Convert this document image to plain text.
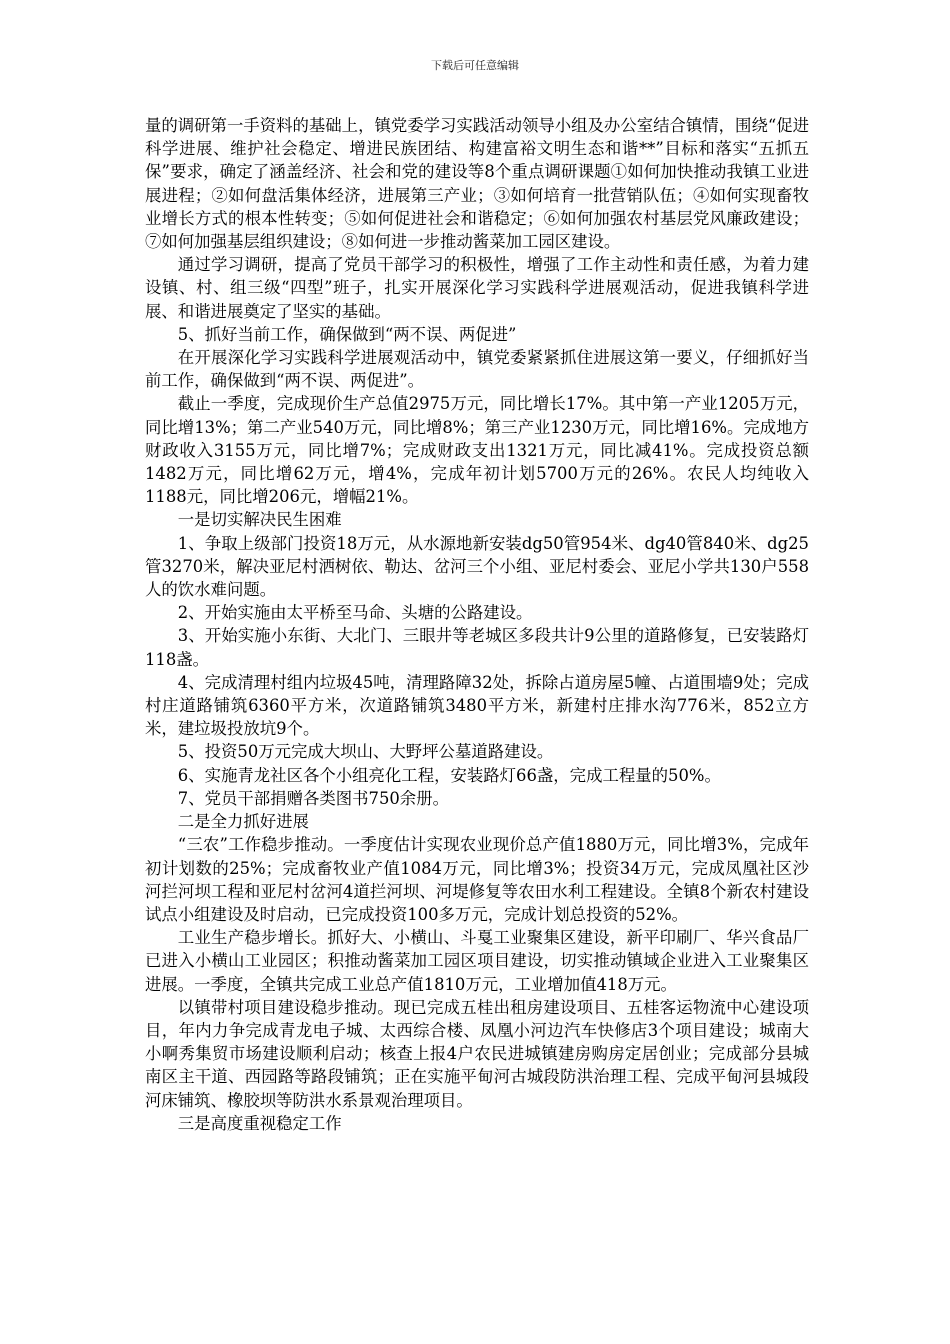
下载后可任意编辑

量的调研第一手资料的基础上，镇党委学习实践活动领导小组及办公室结合镇情，围绕“促进科学进展、维护社会稳定、增进民族团结、构建富裕文明生态和谐**”目标和落实“五抓五保”要求，确定了涵盖经济、社会和党的建设等8个重点调研课题①如何加快推动我镇工业进展进程；②如何盘活集体经济，进展第三产业；③如何培育一批营销队伍；④如何实现畜牧业增长方式的根本性转变；⑤如何促进社会和谐稳定；⑥如何加强农村基层党风廉政建设；⑦如何加强基层组织建设；⑧如何进一步推动酱菜加工园区建设。

通过学习调研，提高了党员干部学习的积极性，增强了工作主动性和责任感，为着力建设镇、村、组三级“四型”班子，扎实开展深化学习实践科学进展观活动，促进我镇科学进展、和谐进展奠定了坚实的基础。

5、抓好当前工作，确保做到“两不误、两促进”

在开展深化学习实践科学进展观活动中，镇党委紧紧抓住进展这第一要义，仔细抓好当前工作，确保做到“两不误、两促进”。

截止一季度，完成现价生产总值2975万元，同比增长17%。其中第一产业1205万元，同比增13%；第二产业540万元，同比增8%；第三产业1230万元，同比增16%。完成地方财政收入3155万元，同比增7%；完成财政支出1321万元，同比减41%。完成投资总额1482万元，同比增62万元，增4%，完成年初计划5700万元的26%。农民人均纯收入1188元，同比增206元，增幅21%。

一是切实解决民生困难

1、争取上级部门投资18万元，从水源地新安装dg50管954米、dg40管840米、dg25管3270米，解决亚尼村洒树依、勒达、岔河三个小组、亚尼村委会、亚尼小学共130户558人的饮水难问题。

2、开始实施由太平桥至马命、头塘的公路建设。

3、开始实施小东街、大北门、三眼井等老城区多段共计9公里的道路修复，已安装路灯118盏。

4、完成清理村组内垃圾45吨，清理路障32处，拆除占道房屋5幢、占道围墙9处；完成村庄道路铺筑6360平方米，次道路铺筑3480平方米，新建村庄排水沟776米，852立方米，建垃圾投放坑9个。

5、投资50万元完成大坝山、大野坪公墓道路建设。

6、实施青龙社区各个小组亮化工程，安装路灯66盏，完成工程量的50%。

7、党员干部捐赠各类图书750余册。

二是全力抓好进展

“三农”工作稳步推动。一季度估计实现农业现价总产值1880万元，同比增3%，完成年初计划数的25%；完成畜牧业产值1084万元，同比增3%；投资34万元，完成凤凰社区沙河拦河坝工程和亚尼村岔河4道拦河坝、河堤修复等农田水利工程建设。全镇8个新农村建设试点小组建设及时启动，已完成投资100多万元，完成计划总投资的52%。

工业生产稳步增长。抓好大、小横山、斗戛工业聚集区建设，新平印刷厂、华兴食品厂已进入小横山工业园区；积推动酱菜加工园区项目建设，切实推动镇域企业进入工业聚集区进展。一季度，全镇共完成工业总产值1810万元，工业增加值418万元。

以镇带村项目建设稳步推动。现已完成五桂出租房建设项目、五桂客运物流中心建设项目，年内力争完成青龙电子城、太西综合楼、凤凰小河边汽车快修店3个项目建设；城南大小啊秀集贸市场建设顺利启动；核查上报4户农民进城镇建房购房定居创业；完成部分县城南区主干道、西园路等路段铺筑；正在实施平甸河古城段防洪治理工程、完成平甸河县城段河床铺筑、橡胶坝等防洪水系景观治理项目。

三是高度重视稳定工作
